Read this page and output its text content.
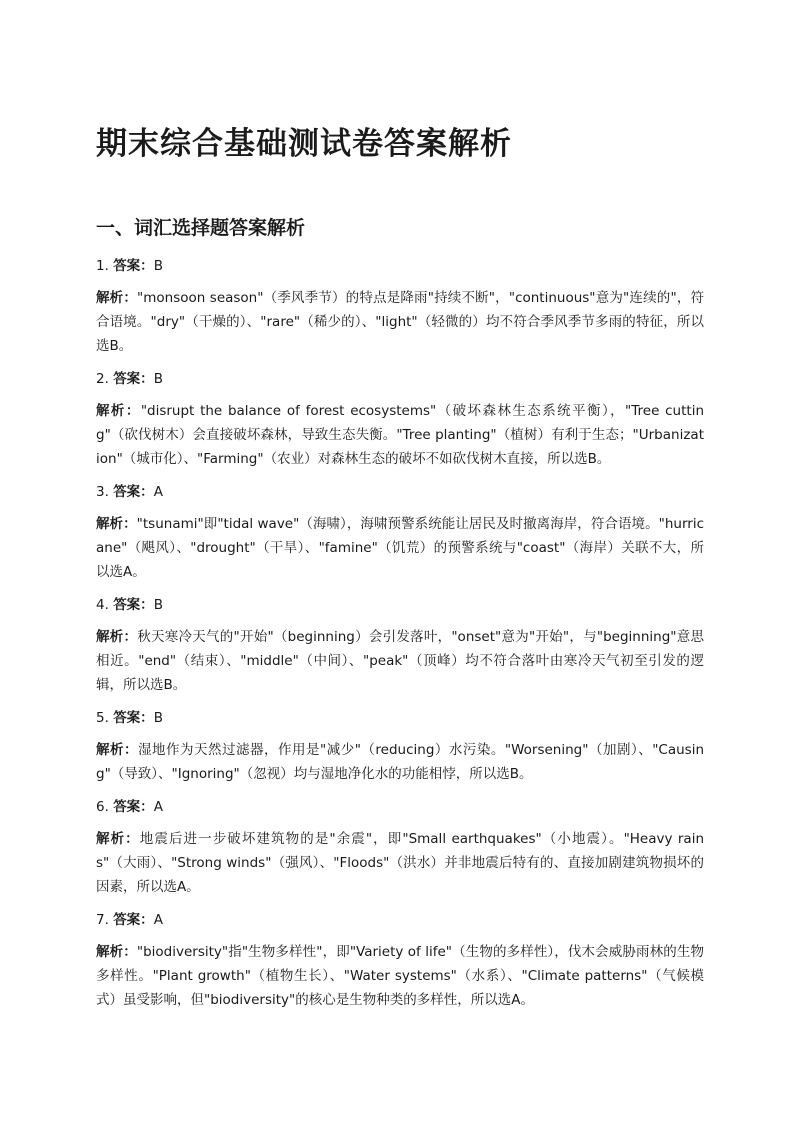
期末综合基础测试卷答案解析
一、词汇选择题答案解析

1. 答案：B

解析："monsoon season"（季风季节）的特点是降雨"持续不断"，"continuous"意为"连续的"，符合语境。"dry"（干燥的）、"rare"（稀少的）、"light"（轻微的）均不符合季风季节多雨的特征，所以选B。

2. 答案：B

解析："disrupt the balance of forest ecosystems"（破坏森林生态系统平衡），"Tree cutting"（砍伐树木）会直接破坏森林，导致生态失衡。"Tree planting"（植树）有利于生态；"Urbanization"（城市化）、"Farming"（农业）对森林生态的破坏不如砍伐树木直接，所以选B。

3. 答案：A

解析："tsunami"即"tidal wave"（海啸），海啸预警系统能让居民及时撤离海岸，符合语境。"hurricane"（飓风）、"drought"（干旱）、"famine"（饥荒）的预警系统与"coast"（海岸）关联不大，所以选A。

4. 答案：B

解析：秋天寒冷天气的"开始"（beginning）会引发落叶，"onset"意为"开始"，与"beginning"意思相近。"end"（结束）、"middle"（中间）、"peak"（顶峰）均不符合落叶由寒冷天气初至引发的逻辑，所以选B。

5. 答案：B

解析：湿地作为天然过滤器，作用是"减少"（reducing）水污染。"Worsening"（加剧）、"Causing"（导致）、"Ignoring"（忽视）均与湿地净化水的功能相悖，所以选B。

6. 答案：A

解析：地震后进一步破坏建筑物的是"余震"，即"Small earthquakes"（小地震）。"Heavy rains"（大雨）、"Strong winds"（强风）、"Floods"（洪水）并非地震后特有的、直接加剧建筑物损坏的因素，所以选A。

7. 答案：A

解析："biodiversity"指"生物多样性"，即"Variety of life"（生物的多样性），伐木会威胁雨林的生物多样性。"Plant growth"（植物生长）、"Water systems"（水系）、"Climate patterns"（气候模式）虽受影响，但"biodiversity"的核心是生物种类的多样性，所以选A。
